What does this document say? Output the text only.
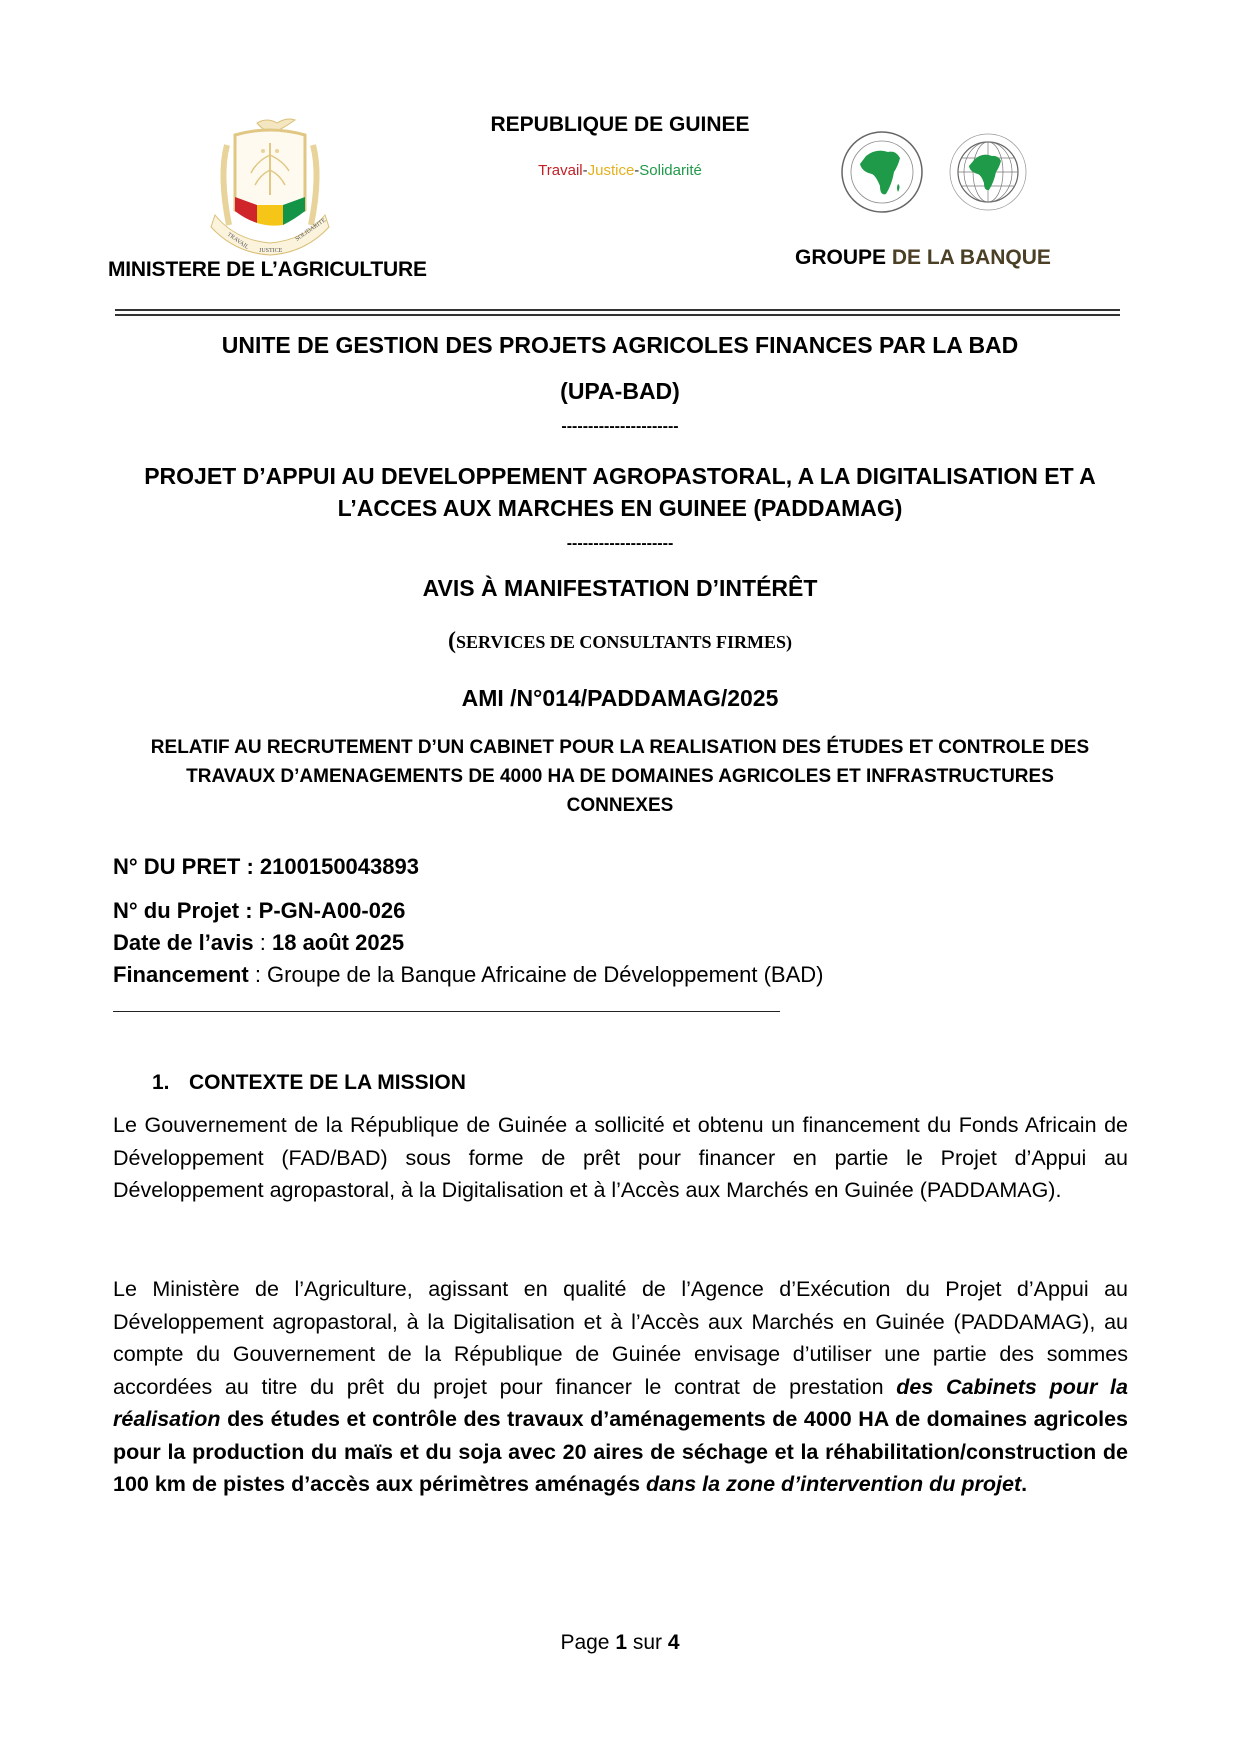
TRAVAIL
JUSTICE
SOLIDARITE
MINISTERE DE L’AGRICULTURE
REPUBLIQUE DE GUINEE
Travail-Justice-Solidarité
GROUPE DE LA BANQUE
UNITE DE GESTION DES PROJETS AGRICOLES FINANCES PAR LA BAD
(UPA-BAD)
----------------------
PROJET D’APPUI AU DEVELOPPEMENT AGROPASTORAL, A LA DIGITALISATION ET A
L’ACCES AUX MARCHES EN GUINEE (PADDAMAG)
--------------------
AVIS À MANIFESTATION D’INTÉRÊT
(SERVICES DE CONSULTANTS FIRMES)
AMI /N°014/PADDAMAG/2025
RELATIF AU RECRUTEMENT D’UN CABINET POUR LA REALISATION DES ÉTUDES ET CONTROLE DES
TRAVAUX D’AMENAGEMENTS DE 4000 HA DE DOMAINES AGRICOLES ET INFRASTRUCTURES
CONNEXES
N° DU PRET : 2100150043893
N° du Projet : P-GN-A00-026
Date de l’avis : 18 août 2025
Financement : Groupe de la Banque Africaine de Développement (BAD)
1. CONTEXTE DE LA MISSION
Le Gouvernement de la République de Guinée a sollicité et obtenu un financement du Fonds Africain de Développement (FAD/BAD) sous forme de prêt pour financer en partie le Projet d’Appui au Développement agropastoral, à la Digitalisation et à l’Accès aux Marchés en Guinée (PADDAMAG).
Le Ministère de l’Agriculture, agissant en qualité de l’Agence d’Exécution du Projet d’Appui au Développement agropastoral, à la Digitalisation et à l’Accès aux Marchés en Guinée (PADDAMAG), au compte du Gouvernement de la République de Guinée envisage d’utiliser une partie des sommes accordées au titre du prêt du projet pour financer le contrat de prestation des Cabinets pour la réalisation des études et contrôle des travaux d’aménagements de 4000 HA de domaines agricoles pour la production du maïs et du soja avec 20 aires de séchage et la réhabilitation/construction de 100 km de pistes d’accès aux périmètres aménagés dans la zone d’intervention du projet.
Page 1 sur 4
